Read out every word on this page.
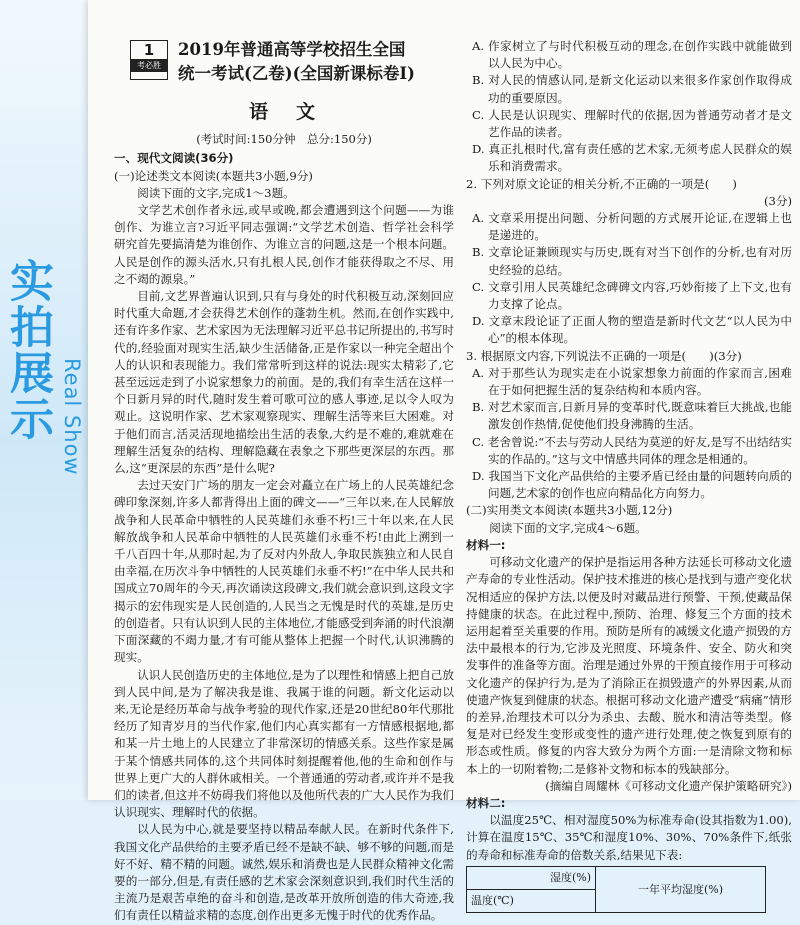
实拍展示 Real Show
1
考必胜
2019年普通高等学校招生全国
统一考试(乙卷)(全国新课标卷Ⅰ)
语文
(考试时间:150分钟　总分:150分)

一、现代文阅读(36分)

(一)论述类文本阅读(本题共3小题,9分)

阅读下面的文字,完成1～3题。

文学艺术创作者永远,或早或晚,都会遭遇到这个问题——为谁创作、为谁立言?习近平同志强调:“文学艺术创造、哲学社会科学研究首先要搞清楚为谁创作、为谁立言的问题,这是一个根本问题。人民是创作的源头活水,只有扎根人民,创作才能获得取之不尽、用之不竭的源泉。”

目前,文艺界普遍认识到,只有与身处的时代积极互动,深刻回应时代重大命题,才会获得艺术创作的蓬勃生机。然而,在创作实践中,还有许多作家、艺术家因为无法理解习近平总书记所提出的,书写时代的,经验面对现实生活,缺少生活储备,正是作家以一种完全超出个人的认识和表现能力。我们常常听到这样的说法:现实太精彩了,它甚至远远走到了小说家想象力的前面。是的,我们有幸生活在这样一个日新月异的时代,随时发生着可歌可泣的感人事迹,足以令人叹为观止。这说明作家、艺术家观察现实、理解生活等来巨大困难。对于他们而言,活灵活现地描绘出生活的表象,大约是不难的,难就难在理解生活复杂的结构、理解隐藏在表象之下那些更深层的东西。那么,这“更深层的东西”是什么呢?

去过天安门广场的朋友一定会对矗立在广场上的人民英雄纪念碑印象深刻,许多人都背得出上面的碑文——“三年以来,在人民解放战争和人民革命中牺牲的人民英雄们永垂不朽!三十年以来,在人民解放战争和人民革命中牺牲的人民英雄们永垂不朽!由此上溯到一千八百四十年,从那时起,为了反对内外敌人,争取民族独立和人民自由幸福,在历次斗争中牺牲的人民英雄们永垂不朽!”在中华人民共和国成立70周年的今天,再次诵读这段碑文,我们就会意识到,这段文字揭示的宏伟现实是人民创造的,人民当之无愧是时代的英雄,是历史的创造者。只有认识到人民的主体地位,才能感受到奔涌的时代浪潮下面深藏的不竭力量,才有可能从整体上把握一个时代,认识沸腾的现实。

认识人民创造历史的主体地位,是为了以理性和情感上把自己放到人民中间,是为了解决我是谁、我属于谁的问题。新文化运动以来,无论是经历革命与战争考验的现代作家,还是20世纪80年代那批经历了知青岁月的当代作家,他们内心真实都有一方情感根据地,都和某一片土地上的人民建立了非常深切的情感关系。这些作家是属于某个情感共同体的,这个共同体时刻提醒着他,他的生命和创作与世界上更广大的人群休戚相关。一个普通通的劳动者,或许并不是我们的读者,但这并不妨碍我们将他以及他所代表的广大人民作为我们认识现实、理解时代的依据。

以人民为中心,就是要坚持以精品奉献人民。在新时代条件下,我国文化产品供给的主要矛盾已经不是缺不缺、够不够的问题,而是好不好、精不精的问题。诚然,娱乐和消费也是人民群众精神文化需要的一部分,但是,有责任感的艺术家会深刻意识到,我们时代生活的主流乃是艰苦卓绝的奋斗和创造,是改革开放所创造的伟大奇迹,我们有责任以精益求精的态度,创作出更多无愧于时代的优秀作品。

A. 作家树立了与时代积极互动的理念,在创作实践中就能做到以人民为中心。

B. 对人民的情感认同,是新文化运动以来很多作家创作取得成功的重要原因。

C. 人民是认识现实、理解时代的依据,因为普通劳动者才是文艺作品的读者。

D. 真正扎根时代,富有责任感的艺术家,无须考虑人民群众的娱乐和消费需求。

2. 下列对原文论证的相关分析,不正确的一项是(　　)

(3分)

A. 文章采用提出问题、分析问题的方式展开论证,在逻辑上也是递进的。

B. 文章论证兼顾现实与历史,既有对当下创作的分析,也有对历史经验的总结。

C. 文章引用人民英雄纪念碑碑文内容,巧妙衔接了上下文,也有力支撑了论点。

D. 文章末段论证了正面人物的塑造是新时代文艺“以人民为中心”的根本体现。

3. 根据原文内容,下列说法不正确的一项是(　　)(3分)

A. 对于那些认为现实走在小说家想象力前面的作家而言,困难在于如何把握生活的复杂结构和本质内容。

B. 对艺术家而言,日新月异的变革时代,既意味着巨大挑战,也能激发创作热情,促使他们投身沸腾的生活。

C. 老舍曾说:“不去与劳动人民结为莫逆的好友,是写不出结结实实的作品的。”这与文中情感共同体的理念是相通的。

D. 我国当下文化产品供给的主要矛盾已经由量的问题转向质的问题,艺术家的创作也应向精品化方向努力。

(二)实用类文本阅读(本题共3小题,12分)

阅读下面的文字,完成4～6题。

材料一:

可移动文化遗产的保护是指运用各种方法延长可移动文化遗产寿命的专业性活动。保护技术推进的核心是找到与遗产变化状况相适应的保护方法,以便及时对藏品进行预警、干预,使藏品保持健康的状态。在此过程中,预防、治理、修复三个方面的技术运用起着至关重要的作用。预防是所有的减缓文化遗产损毁的方法中最根本的行为,它涉及光照度、环境条件、安全、防火和突发事件的准备等方面。治理是通过外界的干预直接作用于可移动文化遗产的保护行为,是为了消除正在损毁遗产的外界因素,从而使遗产恢复到健康的状态。根据可移动文化遗产遭受“病痛”情形的差异,治理技术可以分为杀虫、去酸、脱水和清洁等类型。修复是对已经发生变形或变性的遗产进行处理,使之恢复到原有的形态或性质。修复的内容大致分为两个方面:一是清除文物和标本上的一切附着物;二是修补文物和标本的残缺部分。

(摘编自周耀林《可移动文化遗产保护策略研究》)

材料二:

以温度25℃、相对湿度50%为标准寿命(设其指数为1.00),计算在温度15℃、35℃和湿度10%、30%、70%条件下,纸张的寿命和标准寿命的倍数关系,结果见下表:

湿度(%)	一年平均湿度(%)
温度(℃)
